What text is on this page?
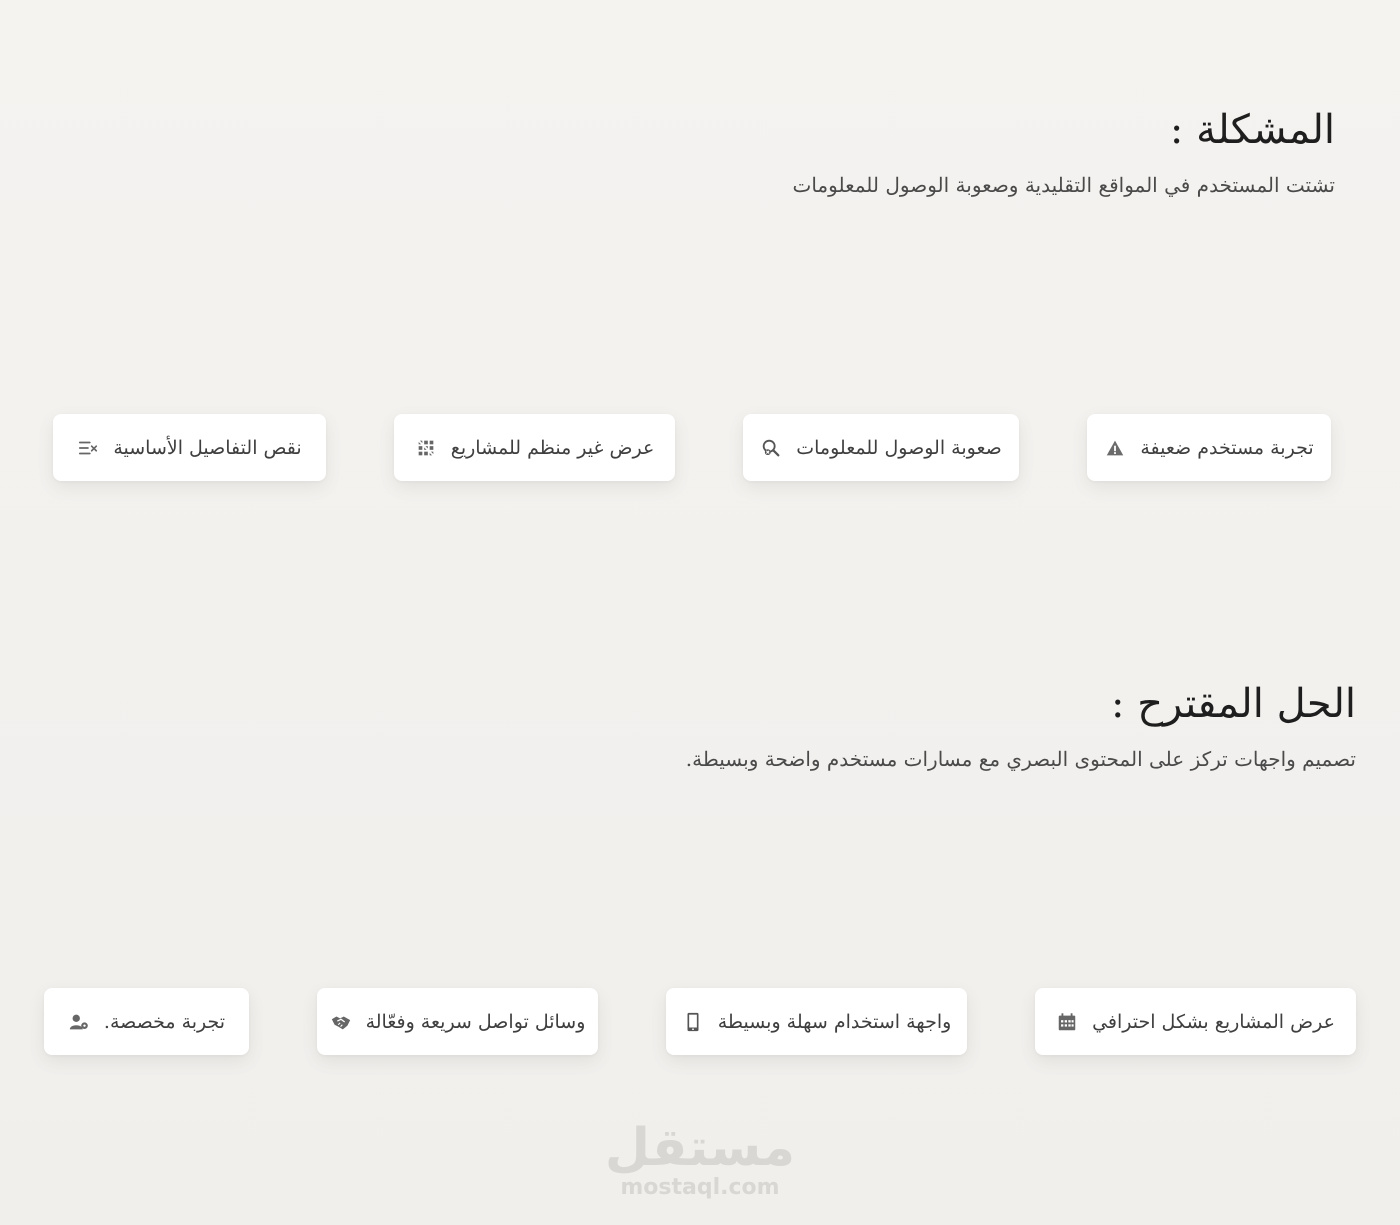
المشكلة :

تشتت المستخدم في المواقع التقليدية وصعوبة الوصول للمعلومات

تجربة مستخدم ضعيفة
صعوبة الوصول للمعلومات
عرض غير منظم للمشاريع
نقص التفاصيل الأساسية
الحل المقترح :

تصميم واجهات تركز على المحتوى البصري مع مسارات مستخدم واضحة وبسيطة.

عرض المشاريع بشكل احترافي
واجهة استخدام سهلة وبسيطة
وسائل تواصل سريعة وفعّالة
تجربة مخصصة.
مستقل
mostaql.com
